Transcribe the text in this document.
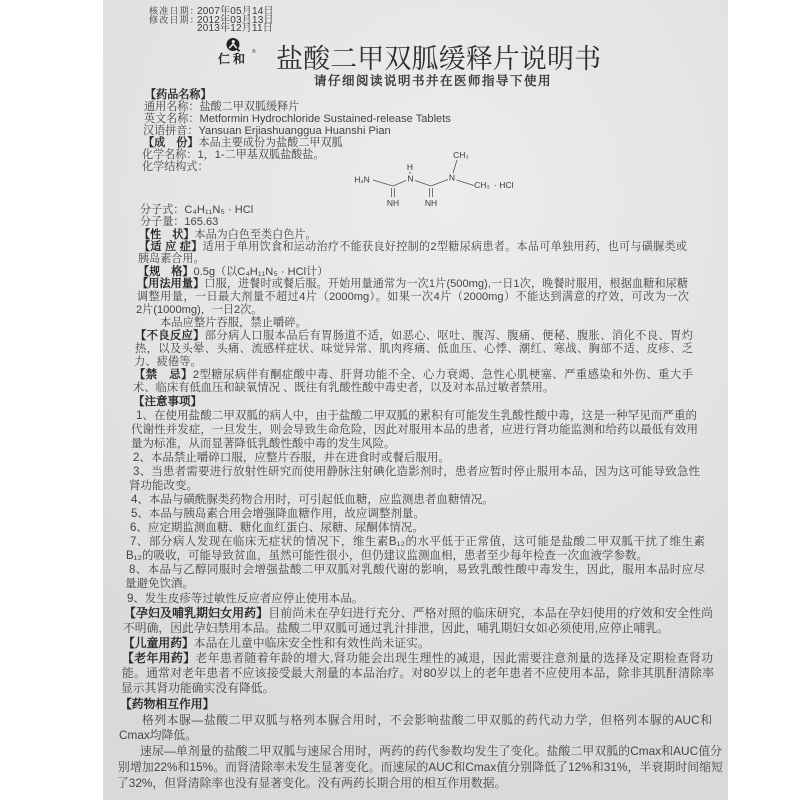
核准日期：2007年05月14日
修改日期：2012年03月13日
2013年12月11日
仁和 ® 盐酸二甲双胍缓释片说明书
请仔细阅读说明书并在医师指导下使用
【药品名称】
通用名称：盐酸二甲双胍缓释片
英文名称：Metformin Hydrochloride Sustained-release Tablets
汉语拼音：Yansuan Erjiashuanggua Huanshi Pian
【成　份】本品主要成份为盐酸二甲双胍
化学名称：1，1-二甲基双胍盐酸盐。
化学结构式：
H₂N
H
N
NH	NH
N
CH₃
CH₃ · HCl
分子式：C₄H₁₁N₅ · HCl
分子量：165.63
【性　状】本品为白色至类白色片。
【适 应 症】适用于单用饮食和运动治疗不能获良好控制的2型糖尿病患者。本品可单独用药，也可与磺脲类或
胰岛素合用。
【规　格】0.5g（以C₄H₁₁N₅ · HCl计）
【用法用量】口服，进餐时或餐后服。开始用量通常为一次1片(500mg),一日1次，晚餐时服用，根据血糖和尿糖
调整用量，一日最大剂量不超过4片（2000mg）。如果一次4片（2000mg）不能达到满意的疗效，可改为一次
2片(1000mg)，一日2次。
本品应整片吞服，禁止嚼碎。
【不良反应】部分病人口服本品后有胃肠道不适，如恶心、呕吐、腹泻、腹痛、便秘、腹胀、消化不良、胃灼
热，以及头晕、头痛、流感样症状、味觉异常、肌肉疼痛、低血压、心悸、潮红、寒战、胸部不适、皮疹、乏
力、疲倦等。
【禁　忌】2型糖尿病伴有酮症酸中毒、肝肾功能不全、心力衰竭、急性心肌梗塞、严重感染和外伤、重大手
术、临床有低血压和缺氧情况 、既往有乳酸性酸中毒史者，以及对本品过敏者禁用。
【注意事项】
1、在使用盐酸二甲双胍的病人中，由于盐酸二甲双胍的累积有可能发生乳酸性酸中毒，这是一种罕见而严重的
代谢性并发症，一旦发生，则会导致生命危险，因此对服用本品的患者，应进行肾功能监测和给药以最低有效用
量为标准，从而显著降低乳酸性酸中毒的发生风险。
2、本品禁止嚼碎口服，应整片吞服，并在进食时或餐后服用。
3、当患者需要进行放射性研究而使用静脉注射碘化造影剂时，患者应暂时停止服用本品，因为这可能导致急性
肾功能改变。
4、本品与磺酰脲类药物合用时，可引起低血糖，应监测患者血糖情况。
5、本品与胰岛素合用会增强降血糖作用，故应调整剂量。
6、应定期监测血糖、糖化血红蛋白、尿糖、尿酮体情况。
7、部分病人发现在临床无症状的情况下，维生素B₁₂的水平低于正常值，这可能是盐酸二甲双胍干扰了维生素
B₁₂的吸收，可能导致贫血，虽然可能性很小，但仍建议监测血相，患者至少每年检查一次血液学参数。
8、本品与乙醇同服时会增强盐酸二甲双胍对乳酸代谢的影响，易致乳酸性酸中毒发生，因此，服用本品时应尽
量避免饮酒。
9、发生皮疹等过敏性反应者应停止使用本品。
【孕妇及哺乳期妇女用药】目前尚未在孕妇进行充分、严格对照的临床研究，本品在孕妇使用的疗效和安全性尚
不明确，因此孕妇禁用本品。盐酸二甲双胍可通过乳汁排泄，因此，哺乳期妇女如必须使用,应停止哺乳。
【儿童用药】本品在儿童中临床安全性和有效性尚未证实。
【老年用药】老年患者随着年龄的增大,肾功能会出现生理性的减退，因此需要注意剂量的选择及定期检查肾功
能。通常对老年患者不应该接受最大剂量的本品治疗。对80岁以上的老年患者不应使用本品，除非其肌酐清除率
显示其肾功能确实没有降低。
【药物相互作用】
格列本脲—盐酸二甲双胍与格列本脲合用时，不会影响盐酸二甲双胍的药代动力学，但格列本脲的AUC和
Cmax均降低。
速尿—单剂量的盐酸二甲双胍与速尿合用时，两药的药代参数均发生了变化。盐酸二甲双胍的Cmax和AUC值分
别增加22%和15%。而肾清除率未发生显著变化。而速尿的AUC和Cmax值分别降低了12%和31%，半衰期时间缩短
了32%，但肾清除率也没有显著变化。没有两药长期合用的相互作用数据。
